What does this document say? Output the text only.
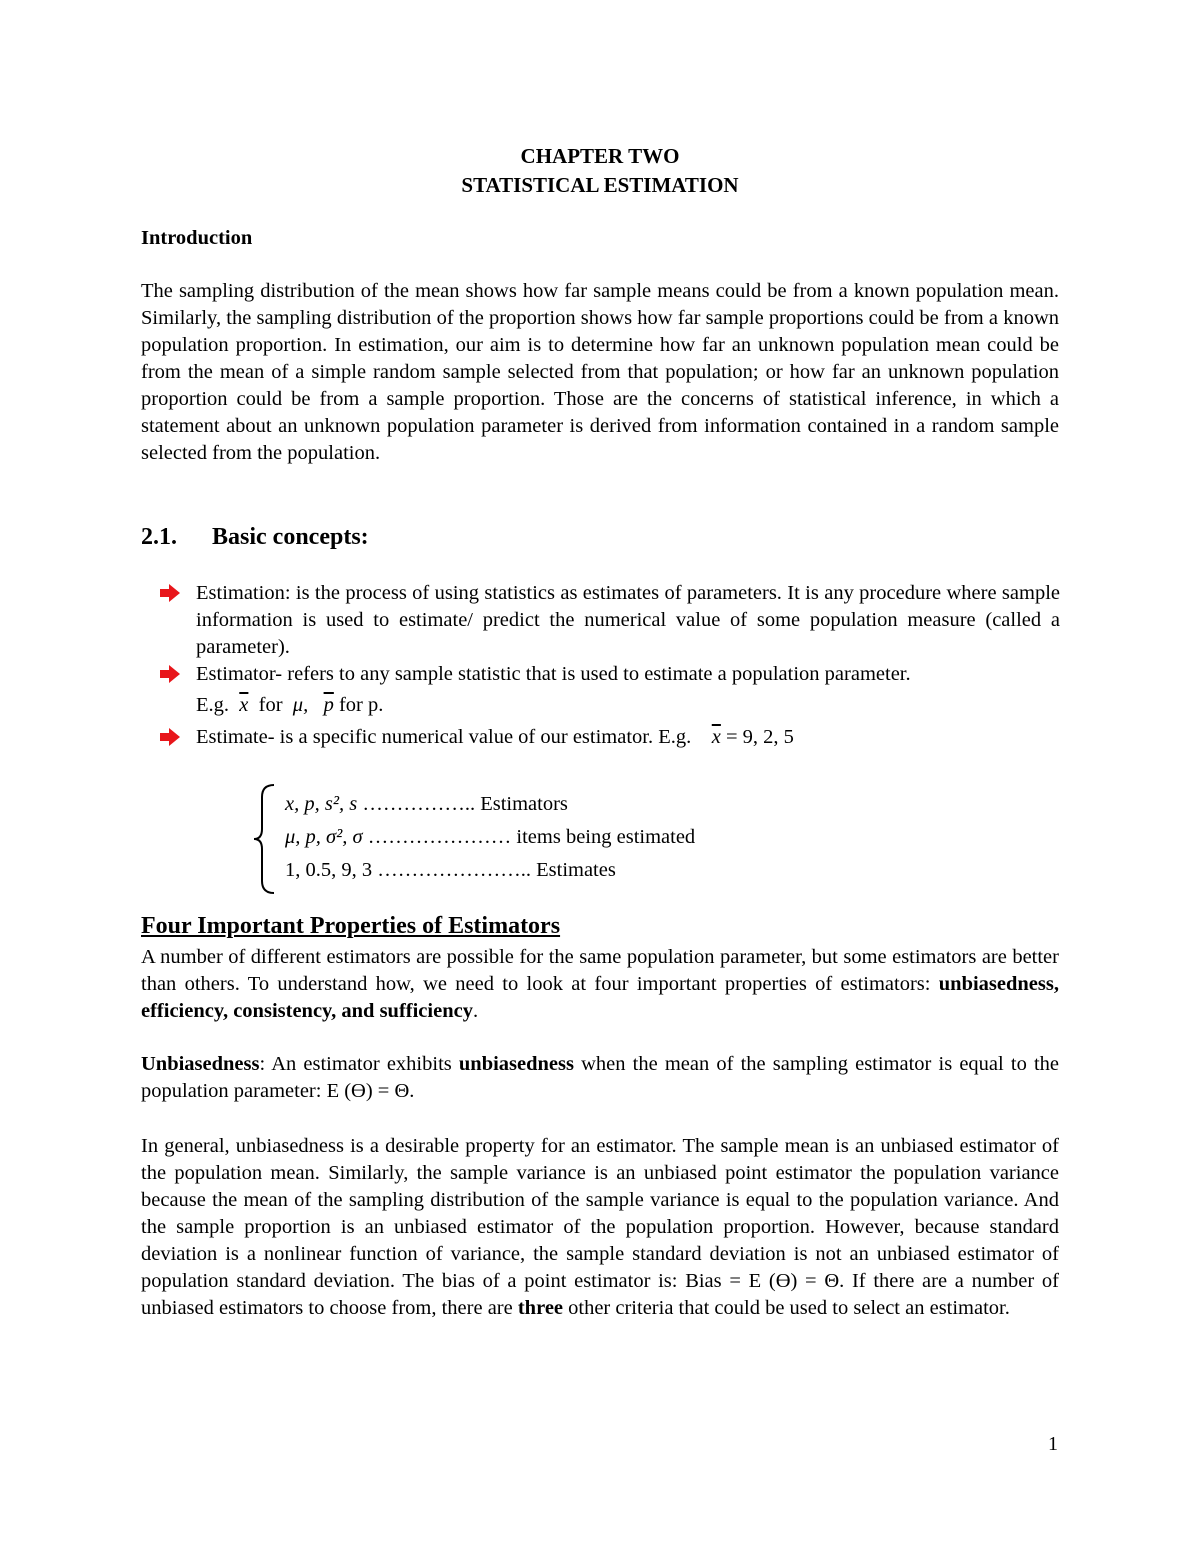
CHAPTER TWO
STATISTICAL ESTIMATION
Introduction
The sampling distribution of the mean shows how far sample means could be from a known population mean. Similarly, the sampling distribution of the proportion shows how far sample proportions could be from a known population proportion. In estimation, our aim is to determine how far an unknown population mean could be from the mean of a simple random sample selected from that population; or how far an unknown population proportion could be from a sample proportion. Those are the concerns of statistical inference, in which a statement about an unknown population parameter is derived from information contained in a random sample selected from the population.
2.1. Basic concepts:
Estimation: is the process of using statistics as estimates of parameters. It is any procedure where sample information is used to estimate/ predict the numerical value of some population measure (called a parameter).
Estimator- refers to any sample statistic that is used to estimate a population parameter.
E.g. $\overline{x}$ for μ, $\overline{p}$ for p.
Estimate- is a specific numerical value of our estimator. E.g. $\overline{x} = 9$, 2, 5
x, p, s², s …………….. Estimators
μ, p, σ², σ ………………… items being estimated
1, 0.5, 9, 3 ………………….. Estimates
Four Important Properties of Estimators
A number of different estimators are possible for the same population parameter, but some estimators are better than others. To understand how, we need to look at four important properties of estimators: unbiasedness, efficiency, consistency, and sufficiency.
Unbiasedness: An estimator exhibits unbiasedness when the mean of the sampling estimator is equal to the population parameter: E (ϴ) = Θ.
In general, unbiasedness is a desirable property for an estimator. The sample mean is an unbiased estimator of the population mean. Similarly, the sample variance is an unbiased point estimator the population variance because the mean of the sampling distribution of the sample variance is equal to the population variance. And the sample proportion is an unbiased estimator of the population proportion. However, because standard deviation is a nonlinear function of variance, the sample standard deviation is not an unbiased estimator of population standard deviation. The bias of a point estimator is: Bias = E (ϴ) = Θ. If there are a number of unbiased estimators to choose from, there are three other criteria that could be used to select an estimator.
1
